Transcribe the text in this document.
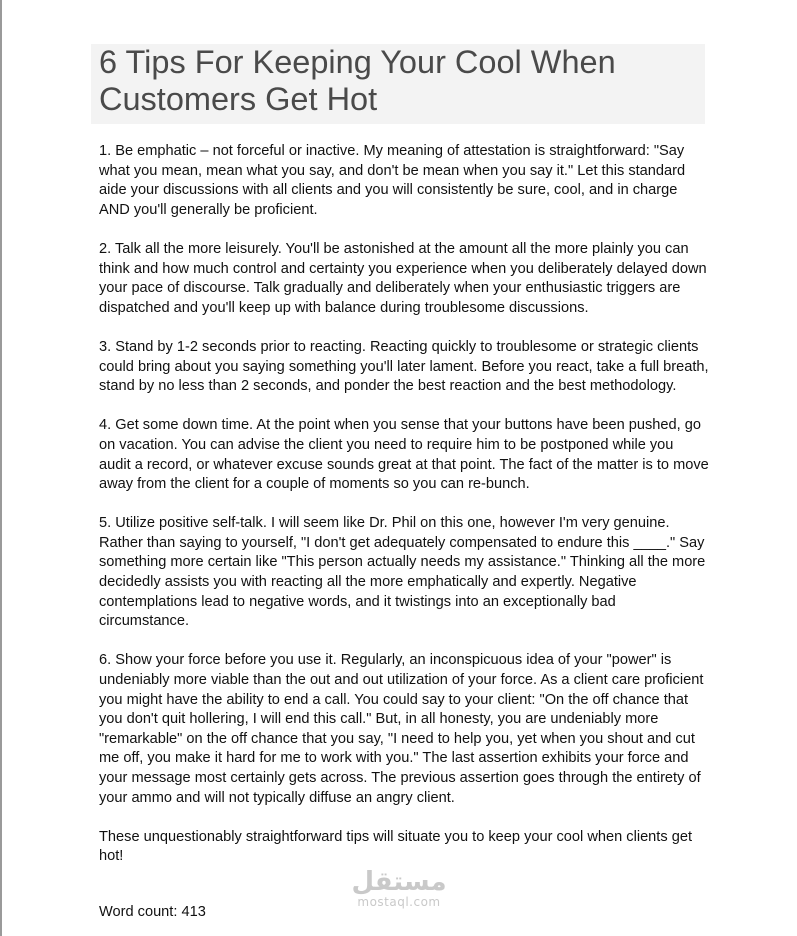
6 Tips For Keeping Your Cool When Customers Get Hot

1. Be emphatic – not forceful or inactive. My meaning of attestation is straightforward: "Say what you mean, mean what you say, and don't be mean when you say it." Let this standard aide your discussions with all clients and you will consistently be sure, cool, and in charge AND you'll generally be proficient.

2. Talk all the more leisurely. You'll be astonished at the amount all the more plainly you can think and how much control and certainty you experience when you deliberately delayed down your pace of discourse. Talk gradually and deliberately when your enthusiastic triggers are dispatched and you'll keep up with balance during troublesome discussions.

3. Stand by 1-2 seconds prior to reacting. Reacting quickly to troublesome or strategic clients could bring about you saying something you'll later lament. Before you react, take a full breath, stand by no less than 2 seconds, and ponder the best reaction and the best methodology.

4. Get some down time. At the point when you sense that your buttons have been pushed, go on vacation. You can advise the client you need to require him to be postponed while you audit a record, or whatever excuse sounds great at that point. The fact of the matter is to move away from the client for a couple of moments so you can re-bunch.

5. Utilize positive self-talk. I will seem like Dr. Phil on this one, however I'm very genuine. Rather than saying to yourself, "I don't get adequately compensated to endure this ____." Say something more certain like "This person actually needs my assistance." Thinking all the more decidedly assists you with reacting all the more emphatically and expertly. Negative contemplations lead to negative words, and it twistings into an exceptionally bad circumstance.

6. Show your force before you use it. Regularly, an inconspicuous idea of your "power" is undeniably more viable than the out and out utilization of your force. As a client care proficient you might have the ability to end a call. You could say to your client: "On the off chance that you don't quit hollering, I will end this call." But, in all honesty, you are undeniably more "remarkable" on the off chance that you say, "I need to help you, yet when you shout and cut me off, you make it hard for me to work with you." The last assertion exhibits your force and your message most certainly gets across. The previous assertion goes through the entirety of your ammo and will not typically diffuse an angry client.

These unquestionably straightforward tips will situate you to keep your cool when clients get hot!

Word count: 413
مستقل
mostaql.com
